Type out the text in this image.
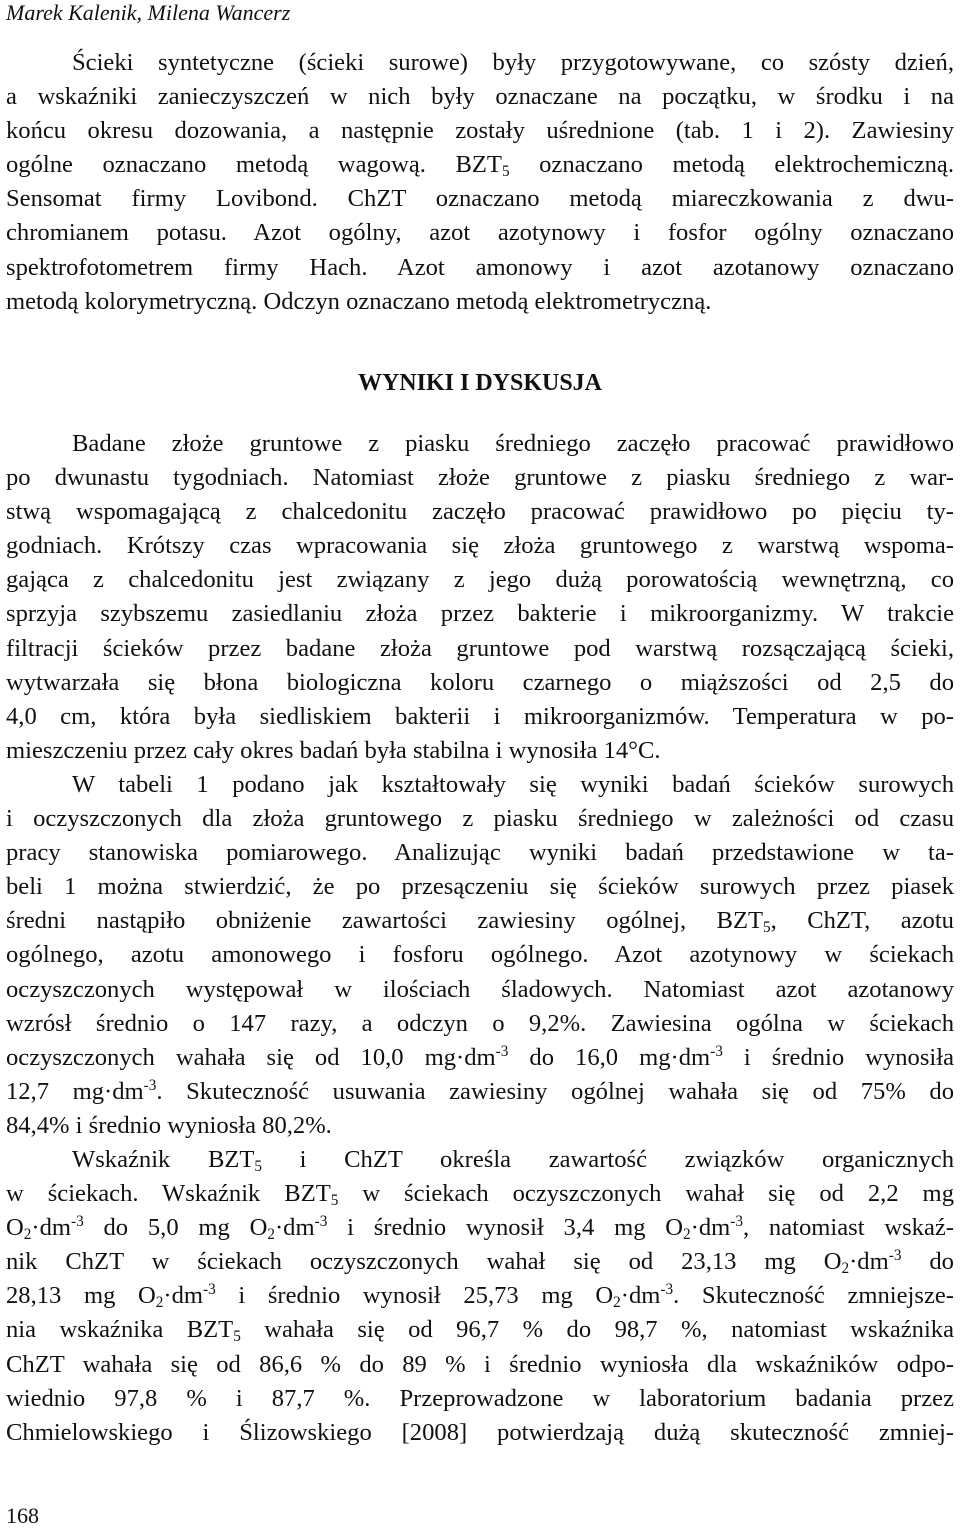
Marek Kalenik, Milena Wancerz
Ścieki syntetyczne (ścieki surowe) były przygotowywane, co szósty dzień,
a wskaźniki zanieczyszczeń w nich były oznaczane na początku, w środku i na
końcu okresu dozowania, a następnie zostały uśrednione (tab. 1 i 2). Zawiesiny
ogólne oznaczano metodą wagową. $BZT_5$ oznaczano metodą elektrochemiczną.
Sensomat firmy Lovibond. ChZT oznaczano metodą miareczkowania z dwu-
chromianem potasu. Azot ogólny, azot azotynowy i fosfor ogólny oznaczano
spektrofotometrem firmy Hach. Azot amonowy i azot azotanowy oznaczano
metodą kolorymetryczną. Odczyn oznaczano metodą elektrometryczną.
WYNIKI I DYSKUSJA
Badane złoże gruntowe z piasku średniego zaczęło pracować prawidłowo
po dwunastu tygodniach. Natomiast złoże gruntowe z piasku średniego z war-
stwą wspomagającą z chalcedonitu zaczęło pracować prawidłowo po pięciu ty-
godniach. Krótszy czas wpracowania się złoża gruntowego z warstwą wspoma-
gająca z chalcedonitu jest związany z jego dużą porowatością wewnętrzną, co
sprzyja szybszemu zasiedlaniu złoża przez bakterie i mikroorganizmy. W trakcie
filtracji ścieków przez badane złoża gruntowe pod warstwą rozsączającą ścieki,
wytwarzała się błona biologiczna koloru czarnego o miąższości od 2,5 do
4,0 cm, która była siedliskiem bakterii i mikroorganizmów. Temperatura w po-
mieszczeniu przez cały okres badań była stabilna i wynosiła 14°C.
W tabeli 1 podano jak kształtowały się wyniki badań ścieków surowych
i oczyszczonych dla złoża gruntowego z piasku średniego w zależności od czasu
pracy stanowiska pomiarowego. Analizując wyniki badań przedstawione w ta-
beli 1 można stwierdzić, że po przesączeniu się ścieków surowych przez piasek
średni nastąpiło obniżenie zawartości zawiesiny ogólnej, $BZT_5$, ChZT, azotu
ogólnego, azotu amonowego i fosforu ogólnego. Azot azotynowy w ściekach
oczyszczonych występował w ilościach śladowych. Natomiast azot azotanowy
wzrósł średnio o 147 razy, a odczyn o 9,2%. Zawiesina ogólna w ściekach
oczyszczonych wahała się od 10,0 $mg\cdot dm^{-3}$ do 16,0 $mg\cdot dm^{-3}$ i średnio wynosiła
12,7 $mg\cdot dm^{-3}$. Skuteczność usuwania zawiesiny ogólnej wahała się od 75% do
84,4% i średnio wyniosła 80,2%.
Wskaźnik $BZT_5$ i ChZT określa zawartość związków organicznych
w ściekach. Wskaźnik $BZT_5$ w ściekach oczyszczonych wahał się od 2,2 mg
$O_2\cdot dm^{-3}$ do 5,0 mg $O_2\cdot dm^{-3}$ i średnio wynosił 3,4 mg $O_2\cdot dm^{-3}$, natomiast wskaź-
nik ChZT w ściekach oczyszczonych wahał się od 23,13 mg $O_2\cdot dm^{-3}$ do
28,13 mg $O_2\cdot dm^{-3}$ i średnio wynosił 25,73 mg $O_2\cdot dm^{-3}$. Skuteczność zmniejsze-
nia wskaźnika $BZT_5$ wahała się od 96,7 % do 98,7 %, natomiast wskaźnika
ChZT wahała się od 86,6 % do 89 % i średnio wyniosła dla wskaźników odpo-
wiednio 97,8 % i 87,7 %. Przeprowadzone w laboratorium badania przez
Chmielowskiego i Ślizowskiego [2008] potwierdzają dużą skuteczność zmniej-
168
